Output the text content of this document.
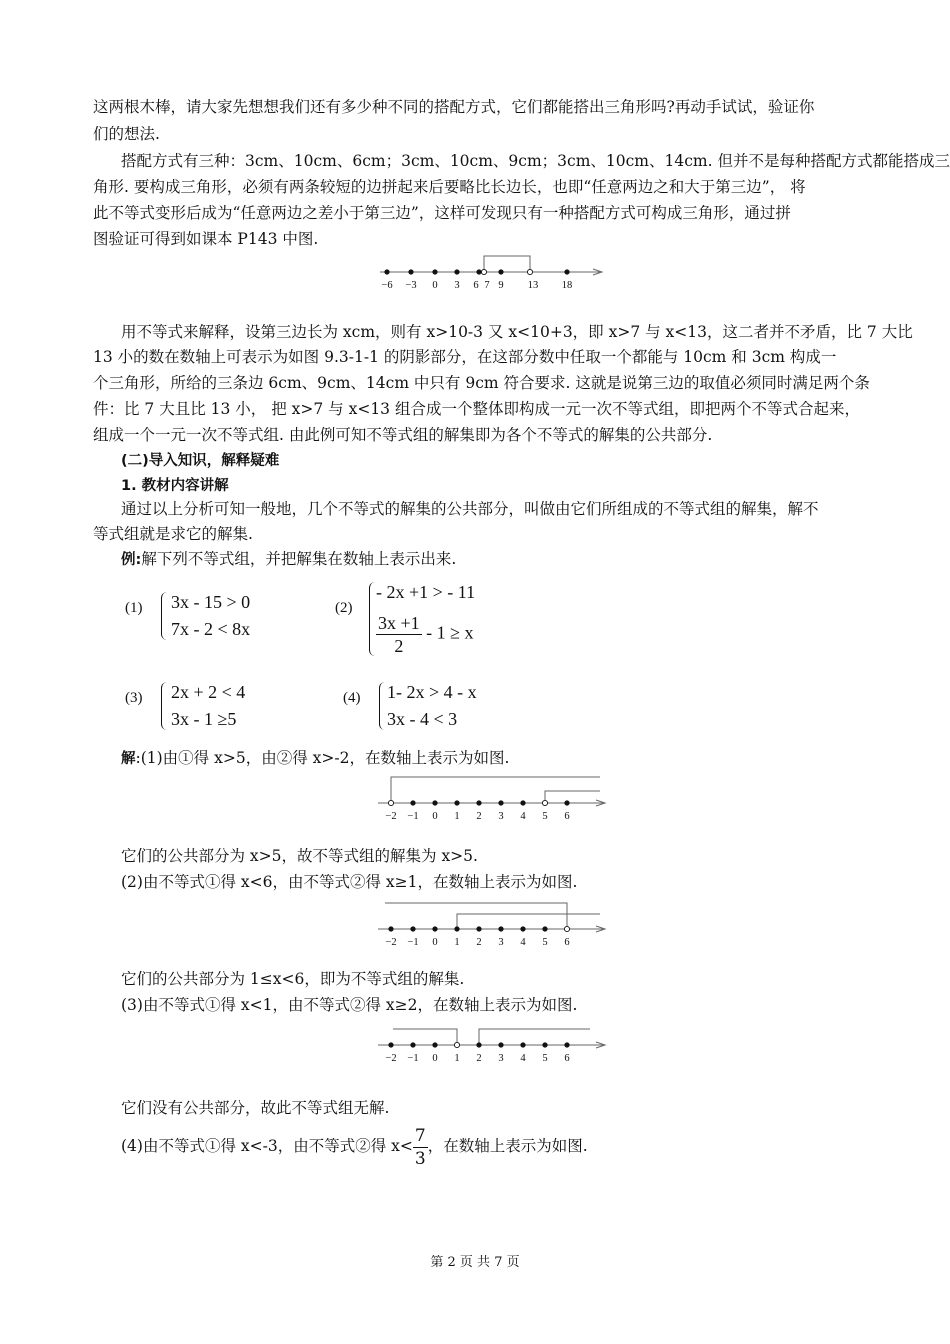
这两根木棒，请大家先想想我们还有多少种不同的搭配方式，它们都能搭出三角形吗?再动手试试，验证你
们的想法.
搭配方式有三种：3cm、10cm、6cm；3cm、10cm、9cm；3cm、10cm、14cm. 但并不是每种搭配方式都能搭成三
角形. 要构成三角形，必须有两条较短的边拼起来后要略比长边长，也即“任意两边之和大于第三边”， 将
此不等式变形后成为“任意两边之差小于第三边”，这样可发现只有一种搭配方式可构成三角形，通过拼
图验证可得到如课本 P143 中图.
−6 −3 0 3 6 7 9 13 18
用不等式来解释，设第三边长为 xcm，则有 x>10-3 又 x<10+3，即 x>7 与 x<13，这二者并不矛盾，比 7 大比
13 小的数在数轴上可表示为如图 9.3-1-1 的阴影部分，在这部分数中任取一个都能与 10cm 和 3cm 构成一
个三角形，所给的三条边 6cm、9cm、14cm 中只有 9cm 符合要求. 这就是说第三边的取值必须同时满足两个条
件：比 7 大且比 13 小， 把 x>7 与 x<13 组合成一个整体即构成一元一次不等式组，即把两个不等式合起来，
组成一个一元一次不等式组. 由此例可知不等式组的解集即为各个不等式的解集的公共部分.
(二)导入知识，解释疑难
1. 教材内容讲解
通过以上分析可知一般地，几个不等式的解集的公共部分，叫做由它们所组成的不等式组的解集，解不
等式组就是求它的解集.
例:解下列不等式组，并把解集在数轴上表示出来.
(1) 3x - 15 > 0
7x - 2 < 8x
(2)
- 2x +1 > - 11
$\frac{3x +1}{2} - 1 \ge x$
(3) 2x + 2 < 4
3x - 1 ≥5
(4) 1- 2x > 4 - x
3x - 4 < 3
解:(1)由①得 x>5，由②得 x>-2，在数轴上表示为如图.
−2 −1 0 1 2 3 4 5 6
它们的公共部分为 x>5，故不等式组的解集为 x>5.
(2)由不等式①得 x<6，由不等式②得 x≥1，在数轴上表示为如图.
−2 −1 0 1 2 3 4 5 6
它们的公共部分为 1≤x<6，即为不等式组的解集.
(3)由不等式①得 x<1，由不等式②得 x≥2，在数轴上表示为如图.
−2 −1 0 1 2 3 4 5 6
它们没有公共部分，故此不等式组无解.
(4)由不等式①得 x<-3，由不等式②得 $x< \frac{7}{3}$ ，在数轴上表示为如图.
第 2 页 共 7 页
